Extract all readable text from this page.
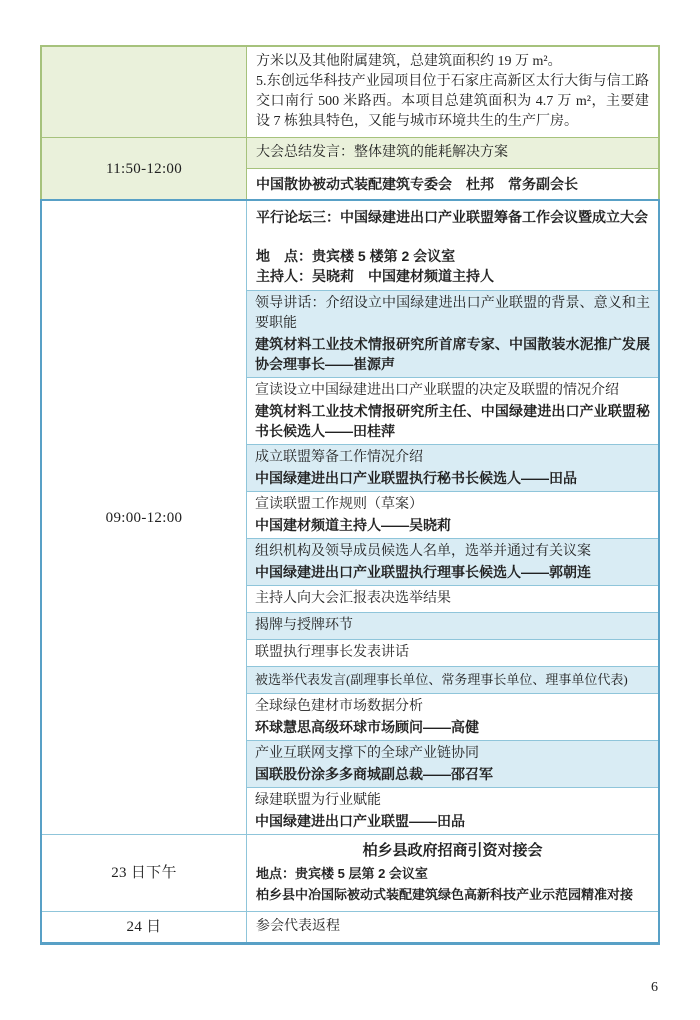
方米以及其他附属建筑，总建筑面积约 19 万 m²。

5.东创远华科技产业园项目位于石家庄高新区太行大街与信工路交口南行 500 米路西。本项目总建筑面积为 4.7 万 m²，主要建设 7 栋独具特色，又能与城市环境共生的生产厂房。

11:50-12:00
大会总结发言：整体建筑的能耗解决方案
中国散协被动式装配建筑专委会　杜邦　常务副会长
09:00-12:00
平行论坛三：中国绿建进出口产业联盟筹备工作会议暨成立大会
地　点：贵宾楼 5 楼第 2 会议室
主持人：吴晓莉　中国建材频道主持人
领导讲话：介绍设立中国绿建进出口产业联盟的背景、意义和主要职能
建筑材料工业技术情报研究所首席专家、中国散装水泥推广发展协会理事长——崔源声
宣读设立中国绿建进出口产业联盟的决定及联盟的情况介绍
建筑材料工业技术情报研究所主任、中国绿建进出口产业联盟秘书长候选人——田桂萍
成立联盟筹备工作情况介绍
中国绿建进出口产业联盟执行秘书长候选人——田品
宣读联盟工作规则（草案）
中国建材频道主持人——吴晓莉
组织机构及领导成员候选人名单，选举并通过有关议案
中国绿建进出口产业联盟执行理事长候选人——郭朝连
主持人向大会汇报表决选举结果
揭牌与授牌环节
联盟执行理事长发表讲话
被选举代表发言(副理事长单位、常务理事长单位、理事单位代表)
全球绿色建材市场数据分析
环球慧思高级环球市场顾问——高健
产业互联网支撑下的全球产业链协同
国联股份涂多多商城副总裁——邵召军
绿建联盟为行业赋能
中国绿建进出口产业联盟——田品
23 日下午
柏乡县政府招商引资对接会
地点：贵宾楼 5 层第 2 会议室
柏乡县中冶国际被动式装配建筑绿色高新科技产业示范园精准对接
24 日	参会代表返程
6
